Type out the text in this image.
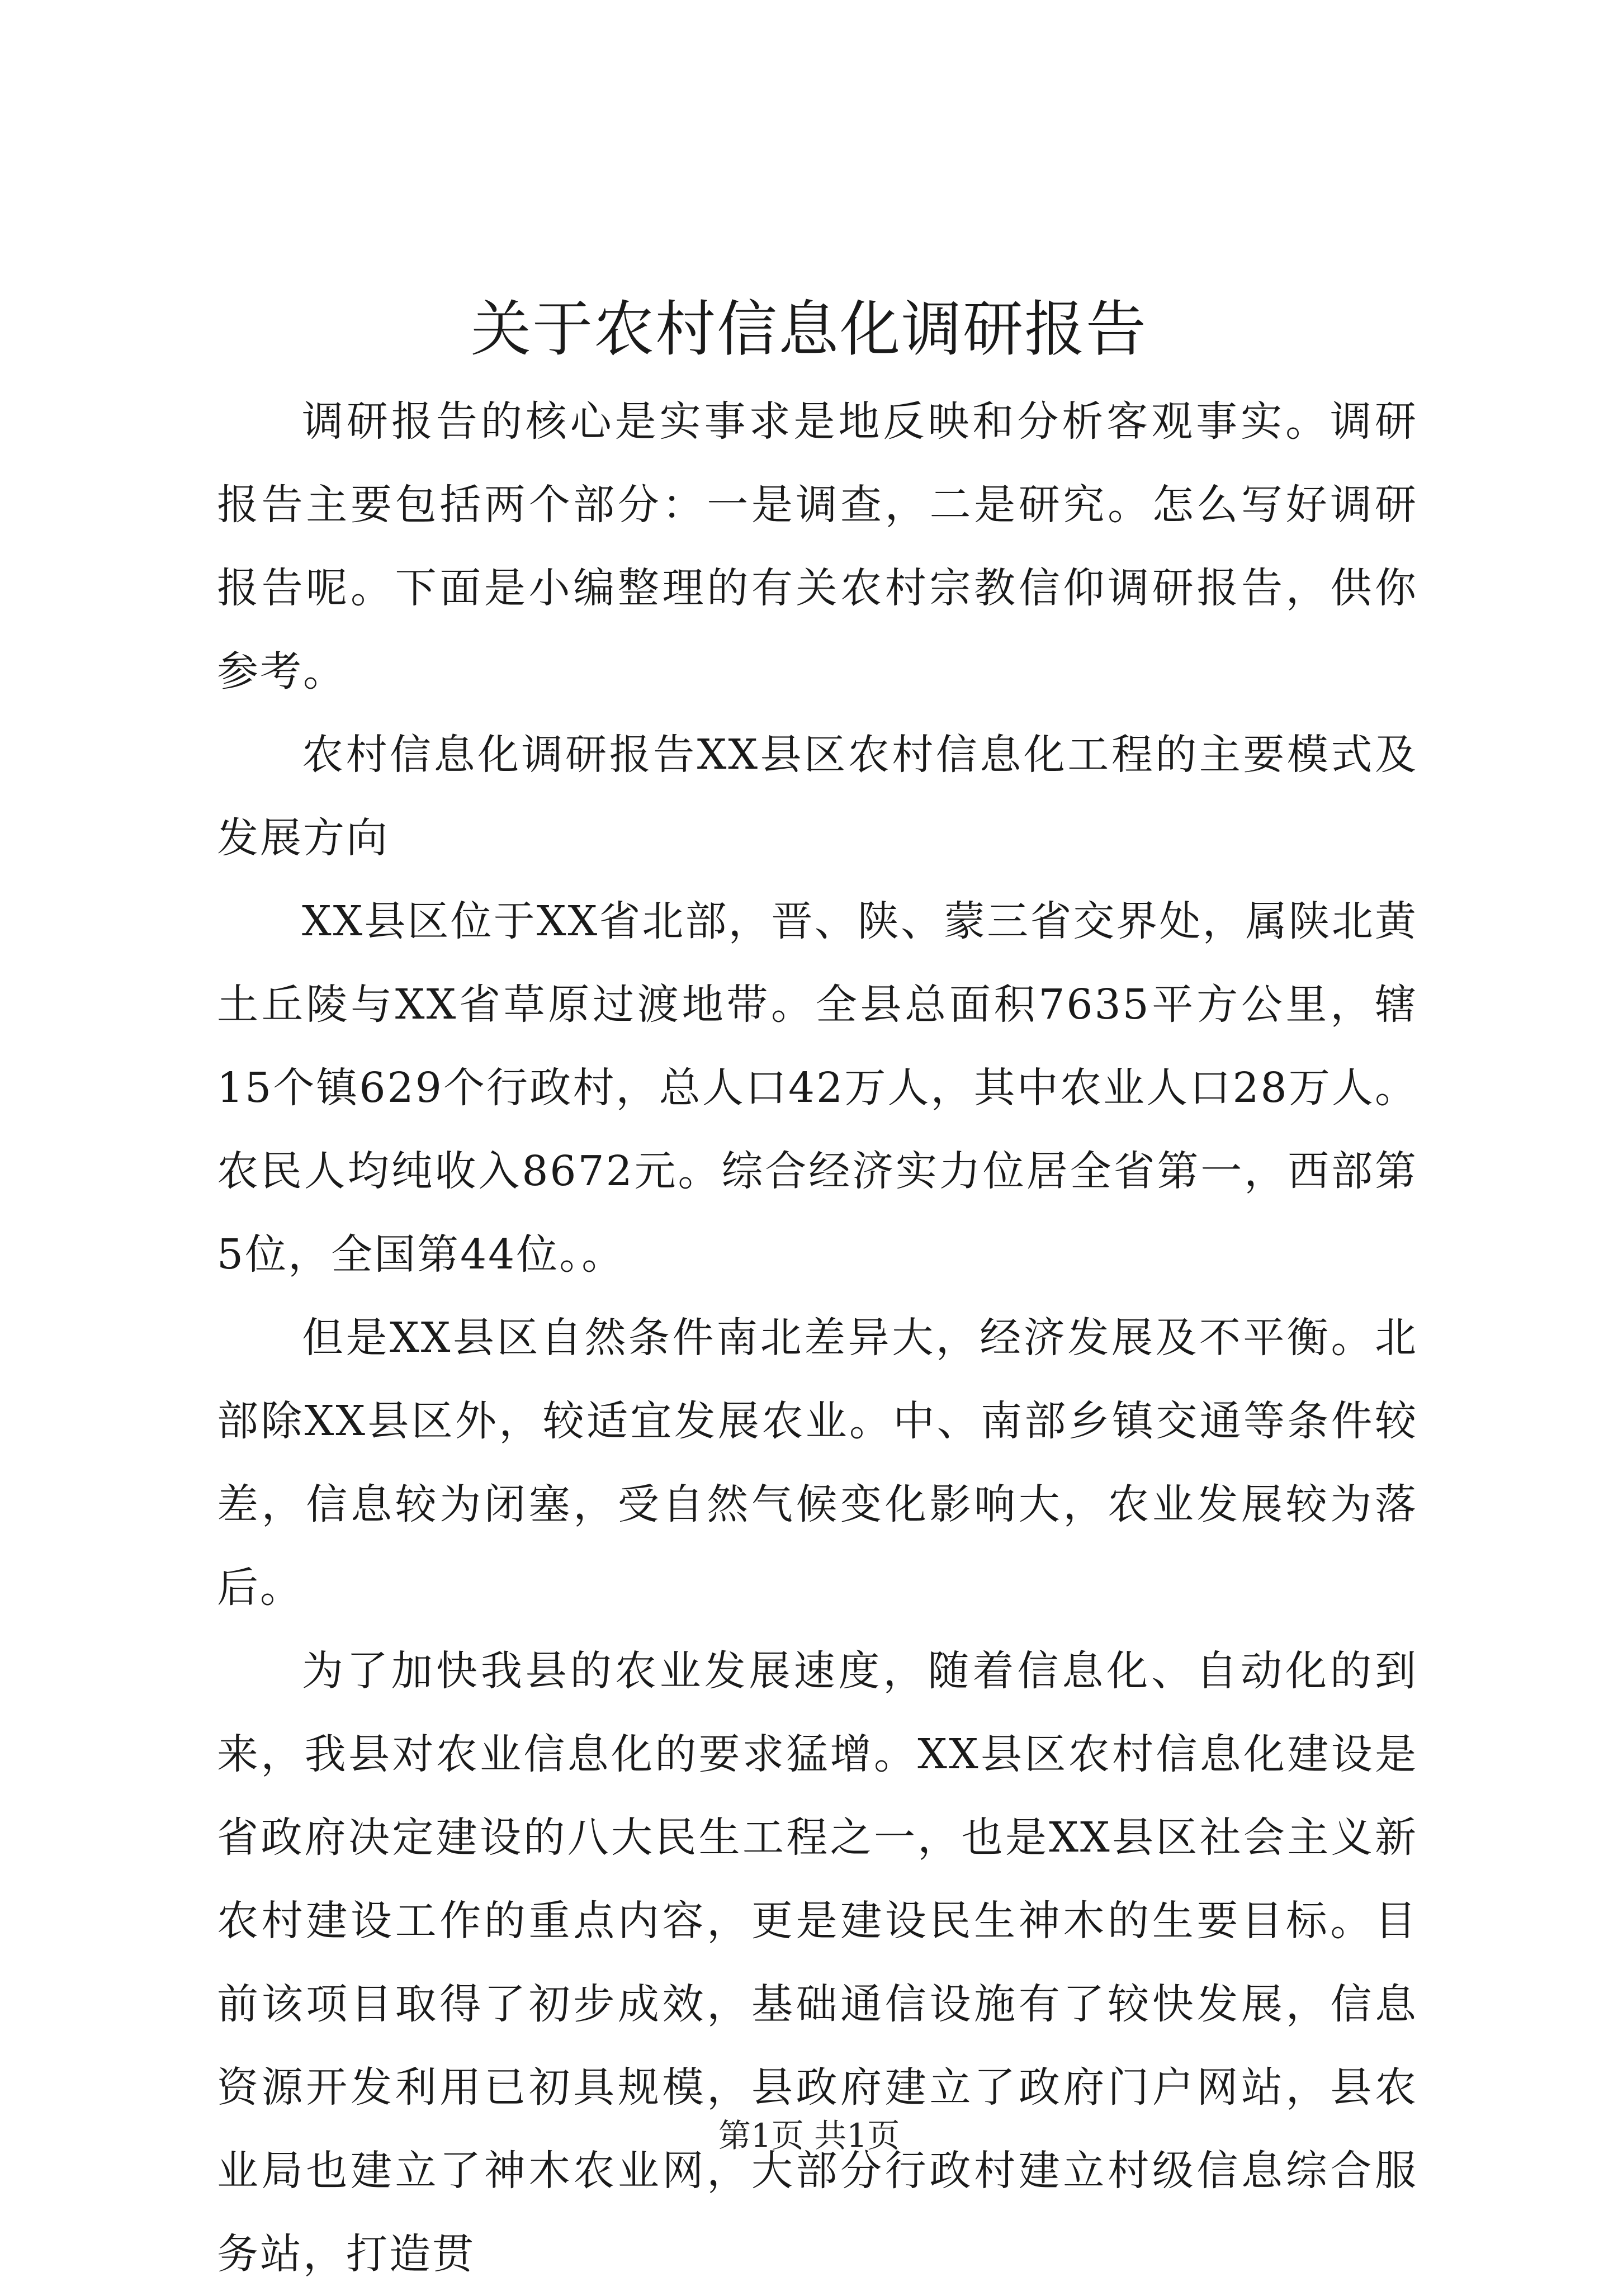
关于农村信息化调研报告

调研报告的核心是实事求是地反映和分析客观事实。调研报告主要包括两个部分：一是调查，二是研究。怎么写好调研报告呢。下面是小编整理的有关农村宗教信仰调研报告，供你参考。

农村信息化调研报告XX县区农村信息化工程的主要模式及发展方向

XX县区位于XX省北部，晋、陕、蒙三省交界处，属陕北黄土丘陵与XX省草原过渡地带。全县总面积7635平方公里，辖15个镇629个行政村，总人口42万人，其中农业人口28万人。农民人均纯收入8672元。综合经济实力位居全省第一，西部第5位，全国第44位。。

但是XX县区自然条件南北差异大，经济发展及不平衡。北部除XX县区外，较适宜发展农业。中、南部乡镇交通等条件较差，信息较为闭塞，受自然气候变化影响大，农业发展较为落后。

为了加快我县的农业发展速度，随着信息化、自动化的到来，我县对农业信息化的要求猛增。XX县区农村信息化建设是省政府决定建设的八大民生工程之一，也是XX县区社会主义新农村建设工作的重点内容，更是建设民生神木的生要目标。目前该项目取得了初步成效，基础通信设施有了较快发展，信息资源开发利用已初具规模，县政府建立了政府门户网站，县农业局也建立了神木农业网，大部分行政村建立村级信息综合服务站，打造贯

第1页 共1页
